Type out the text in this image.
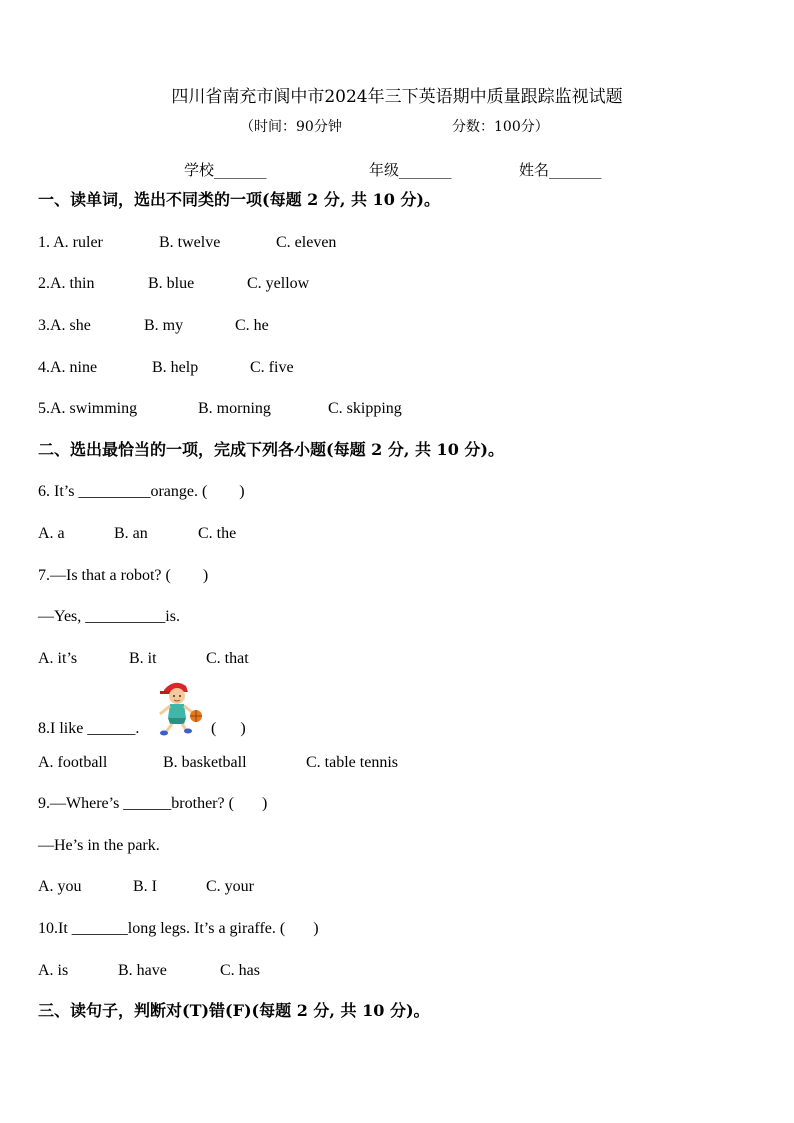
四川省南充市阆中市2024年三下英语期中质量跟踪监视试题
（时间：90分钟	分数：100分）
学校_______	年级_______	姓名_______
一、读单词，选出不同类的一项(每题 2 分, 共 10 分)。
1. A. ruler	B. twelve	C. eleven
2.A. thin	B. blue	C. yellow
3.A. she	B. my	C. he
4.A. nine	B. help	C. five
5.A. swimming	B. morning	C. skipping
二、选出最恰当的一项，完成下列各小题(每题 2 分, 共 10 分)。
6. It’s _________orange. (        )
A. a	B. an	C. the
7.—Is that a robot? (        )
—Yes, __________is.
A. it’s	B. it	C. that
8.I like ______.	(      )
A. football	B. basketball	C. table tennis
9.—Where’s ______brother? (       )
—He’s in the park.
A. you	B. I	C. your
10.It _______long legs. It’s a giraffe. (       )
A. is	B. have	C. has
三、读句子，判断对(T)错(F)(每题 2 分, 共 10 分)。
